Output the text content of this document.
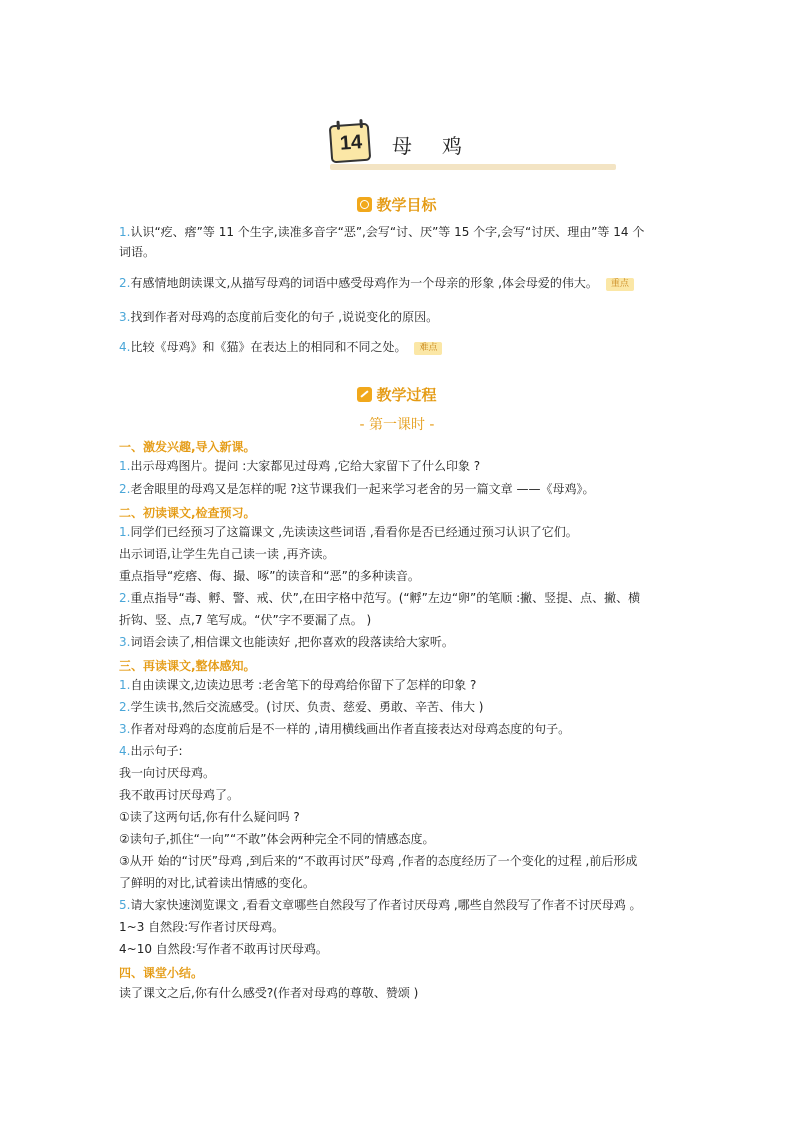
14	母鸡
教学目标
1.认识“疙、瘩”等 11 个生字,读准多音字“恶”,会写“讨、厌”等 15 个字,会写“讨厌、理由”等 14 个
词语。
2.有感情地朗读课文,从描写母鸡的词语中感受母鸡作为一个母亲的形象 ,体会母爱的伟大。 重点
3.找到作者对母鸡的态度前后变化的句子 ,说说变化的原因。
4.比较《母鸡》和《猫》在表达上的相同和不同之处。 难点
教学过程
- 第一课时 -
一、激发兴趣,导入新课。
1.出示母鸡图片。提问 :大家都见过母鸡 ,它给大家留下了什么印象 ?
2.老舍眼里的母鸡又是怎样的呢 ?这节课我们一起来学习老舍的另一篇文章 ——《母鸡》。
二、初读课文,检查预习。
1.同学们已经预习了这篇课文 ,先读读这些词语 ,看看你是否已经通过预习认识了它们。
出示词语,让学生先自己读一读 ,再齐读。
重点指导“疙瘩、侮、撮、啄”的读音和“恶”的多种读音。
2.重点指导“毒、孵、警、戒、伏”,在田字格中范写。(“孵”左边“卵”的笔顺 :撇、竖提、点、撇、横
折钩、竖、点,7 笔写成。“伏”字不要漏了点。 )
3.词语会读了,相信课文也能读好 ,把你喜欢的段落读给大家听。
三、再读课文,整体感知。
1.自由读课文,边读边思考 :老舍笔下的母鸡给你留下了怎样的印象 ?
2.学生读书,然后交流感受。(讨厌、负责、慈爱、勇敢、辛苦、伟大 )
3.作者对母鸡的态度前后是不一样的 ,请用横线画出作者直接表达对母鸡态度的句子。
4.出示句子:
我一向讨厌母鸡。
我不敢再讨厌母鸡了。
①读了这两句话,你有什么疑问吗 ?
②读句子,抓住“一向”“不敢”体会两种完全不同的情感态度。
③从开 始的“讨厌”母鸡 ,到后来的“不敢再讨厌”母鸡 ,作者的态度经历了一个变化的过程 ,前后形成
了鲜明的对比,试着读出情感的变化。
5.请大家快速浏览课文 ,看看文章哪些自然段写了作者讨厌母鸡 ,哪些自然段写了作者不讨厌母鸡 。
1~3 自然段:写作者讨厌母鸡。
4~10 自然段:写作者不敢再讨厌母鸡。
四、课堂小结。
读了课文之后,你有什么感受?(作者对母鸡的尊敬、赞颂 )
